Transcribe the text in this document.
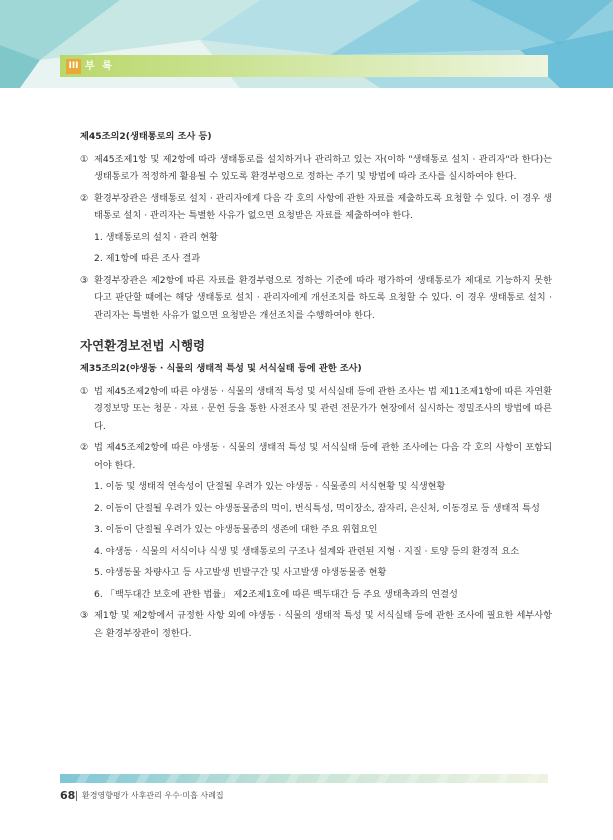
III 부 록
제45조의2(생태통로의 조사 등)
① 제45조제1항 및 제2항에 따라 생태통로를 설치하거나 관리하고 있는 자(이하 "생태통로 설치 · 관리자"라 한다)는 생태통로가 적정하게 활용될 수 있도록 환경부령으로 정하는 주기 및 방법에 따라 조사를 실시하여야 한다.
② 환경부장관은 생태통로 설치 · 관리자에게 다음 각 호의 사항에 관한 자료를 제출하도록 요청할 수 있다. 이 경우 생태통로 설치 · 관리자는 특별한 사유가 없으면 요청받은 자료를 제출하여야 한다.
1. 생태통로의 설치 · 관리 현황
2. 제1항에 따른 조사 결과
③ 환경부장관은 제2항에 따른 자료를 환경부령으로 정하는 기준에 따라 평가하여 생태통로가 제대로 기능하지 못한다고 판단할 때에는 해당 생태통로 설치 · 관리자에게 개선조치를 하도록 요청할 수 있다. 이 경우 생태통로 설치 · 관리자는 특별한 사유가 없으면 요청받은 개선조치를 수행하여야 한다.
자연환경보전법 시행령
제35조의2(야생동 · 식물의 생태적 특성 및 서식실태 등에 관한 조사)
① 법 제45조제2항에 따른 야생동 · 식물의 생태적 특성 및 서식실태 등에 관한 조사는 법 제11조제1항에 따른 자연환경정보망 또는 청문 · 자료 · 문헌 등을 통한 사전조사 및 관련 전문가가 현장에서 실시하는 정밀조사의 방법에 따른다.
② 법 제45조제2항에 따른 야생동 · 식물의 생태적 특성 및 서식실태 등에 관한 조사에는 다음 각 호의 사항이 포함되어야 한다.
1. 이동 및 생태적 연속성이 단절될 우려가 있는 야생동 · 식물종의 서식현황 및 식생현황
2. 이동이 단절될 우려가 있는 야생동물종의 먹이, 번식특성, 먹이장소, 잠자리, 은신처, 이동경로 등 생태적 특성
3. 이동이 단절될 우려가 있는 야생동물종의 생존에 대한 주요 위협요인
4. 야생동 · 식물의 서식이나 식생 및 생태통로의 구조나 설계와 관련된 지형 · 지질 · 토양 등의 환경적 요소
5. 야생동물 차량사고 등 사고발생 빈발구간 및 사고발생 야생동물종 현황
6. 「백두대간 보호에 관한 법률」 제2조제1호에 따른 백두대간 등 주요 생태축과의 연결성
③ 제1항 및 제2항에서 규정한 사항 외에 야생동 · 식물의 생태적 특성 및 서식실태 등에 관한 조사에 필요한 세부사항은 환경부장관이 정한다.
68 환경영향평가 사후관리 우수·미흡 사례집
